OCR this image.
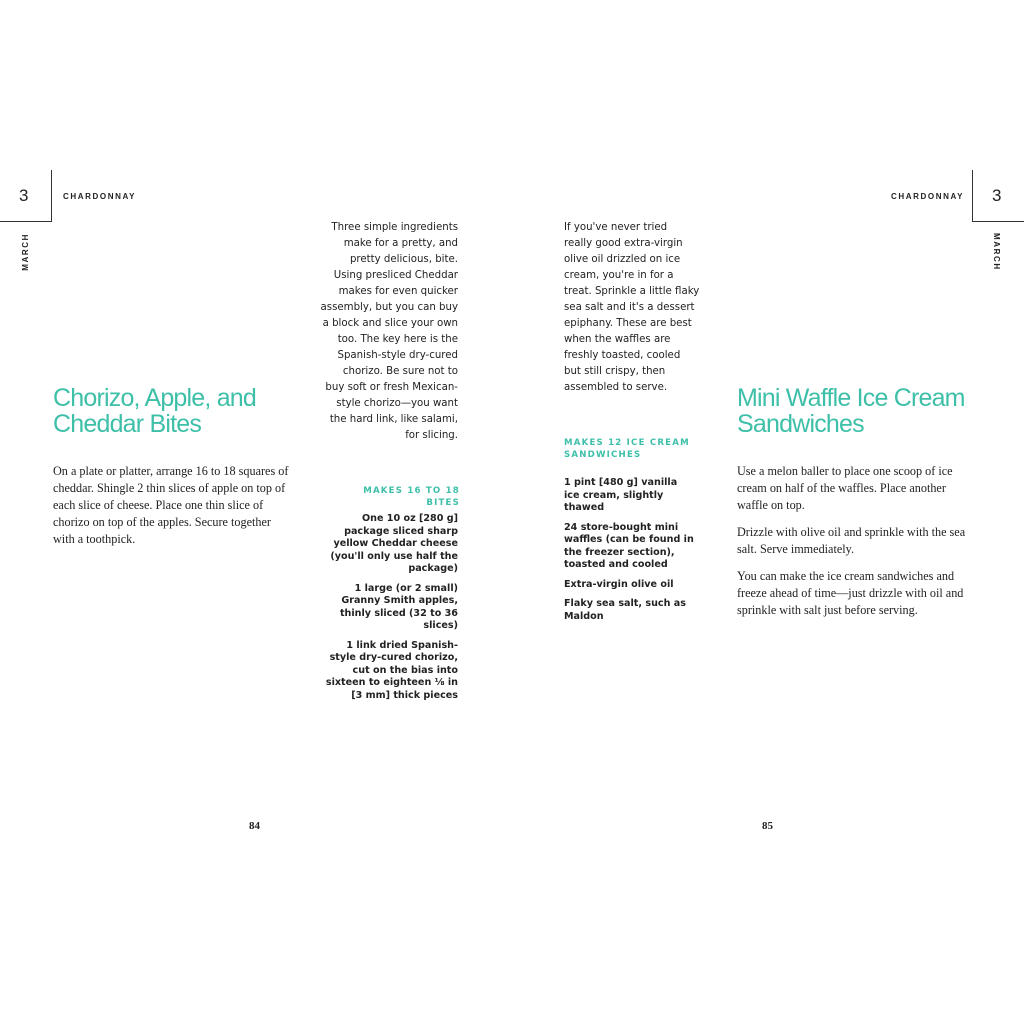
3	CHARDONNAY
MARCH
Chorizo, Apple, and
Cheddar Bites

On a plate or platter, arrange 16 to 18 squares of cheddar. Shingle 2 thin slices of apple on top of each slice of cheese. Place one thin slice of chorizo on top of the apples. Secure together with a toothpick.

Three simple ingredients
make for a pretty, and
pretty delicious, bite.
Using presliced Cheddar
makes for even quicker
assembly, but you can buy
a block and slice your own
too. The key here is the
Spanish-style dry-cured
chorizo. Be sure not to
buy soft or fresh Mexican-
style chorizo—you want
the hard link, like salami,
for slicing.
MAKES 16 TO 18 BITES
One 10 oz [280 g] package sliced sharp yellow Cheddar cheese (you'll only use half the package)
1 large (or 2 small) Granny Smith apples, thinly sliced (32 to 36 slices)
1 link dried Spanish-style dry-cured chorizo, cut on the bias into sixteen to eighteen ⅛ in [3 mm] thick pieces
84
If you've never tried
really good extra-virgin
olive oil drizzled on ice
cream, you're in for a
treat. Sprinkle a little flaky
sea salt and it's a dessert
epiphany. These are best
when the waffles are
freshly toasted, cooled
but still crispy, then
assembled to serve.
MAKES 12 ICE CREAM
SANDWICHES
1 pint [480 g] vanilla ice cream, slightly thawed
24 store-bought mini waffles (can be found in the freezer section), toasted and cooled
Extra-virgin olive oil
Flaky sea salt, such as Maldon
Mini Waffle Ice Cream
Sandwiches

Use a melon baller to place one scoop of ice cream on half of the waffles. Place another waffle on top.

Drizzle with olive oil and sprinkle with the sea salt. Serve immediately.

You can make the ice cream sandwiches and freeze ahead of time—just drizzle with oil and sprinkle with salt just before serving.

CHARDONNAY 3
MARCH
85
